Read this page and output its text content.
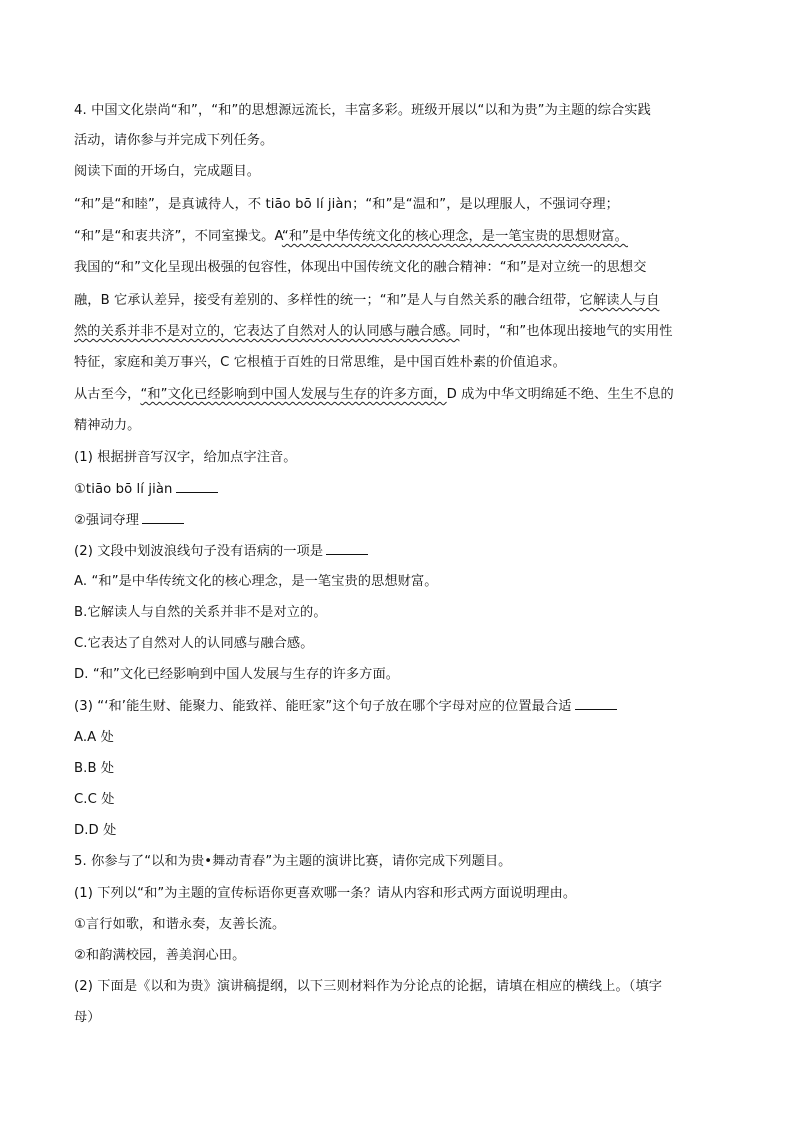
4. 中国文化崇尚“和”，“和”的思想源远流长，丰富多彩。班级开展以“以和为贵”为主题的综合实践
活动，请你参与并完成下列任务。
阅读下面的开场白，完成题目。
“和”是“和睦”，是真诚待人，不 tiāo bō lí jiàn；“和”是“温和”，是以理服人，不强词夺理；
“和”是“和衷共济”，不同室操戈。A“和”是中华传统文化的核心理念，是一笔宝贵的思想财富。
我国的“和”文化呈现出极强的包容性，体现出中国传统文化的融合精神：“和”是对立统一的思想交
融，B 它承认差异，接受有差别的、多样性的统一；“和”是人与自然关系的融合纽带，它解读人与自
然的关系并非不是对立的，它表达了自然对人的认同感与融合感。同时，“和”也体现出接地气的实用性
特征，家庭和美万事兴，C 它根植于百姓的日常思维，是中国百姓朴素的价值追求。
从古至今，“和”文化已经影响到中国人发展与生存的许多方面，D 成为中华文明绵延不绝、生生不息的
精神动力。
(1) 根据拼音写汉字，给加点字注音。
①tiāo bō lí jiàn
②强词夺理
(2) 文段中划波浪线句子没有语病的一项是
A. “和”是中华传统文化的核心理念，是一笔宝贵的思想财富。
B.它解读人与自然的关系并非不是对立的。
C.它表达了自然对人的认同感与融合感。
D. “和”文化已经影响到中国人发展与生存的许多方面。
(3) “‘和’能生财、能聚力、能致祥、能旺家”这个句子放在哪个字母对应的位置最合适
A.A 处
B.B 处
C.C 处
D.D 处
5. 你参与了“以和为贵•舞动青春”为主题的演讲比赛，请你完成下列题目。
(1) 下列以“和”为主题的宣传标语你更喜欢哪一条？请从内容和形式两方面说明理由。
①言行如歌，和谐永奏，友善长流。
②和韵满校园，善美润心田。
(2) 下面是《以和为贵》演讲稿提纲，以下三则材料作为分论点的论据，请填在相应的横线上。（填字
母）
